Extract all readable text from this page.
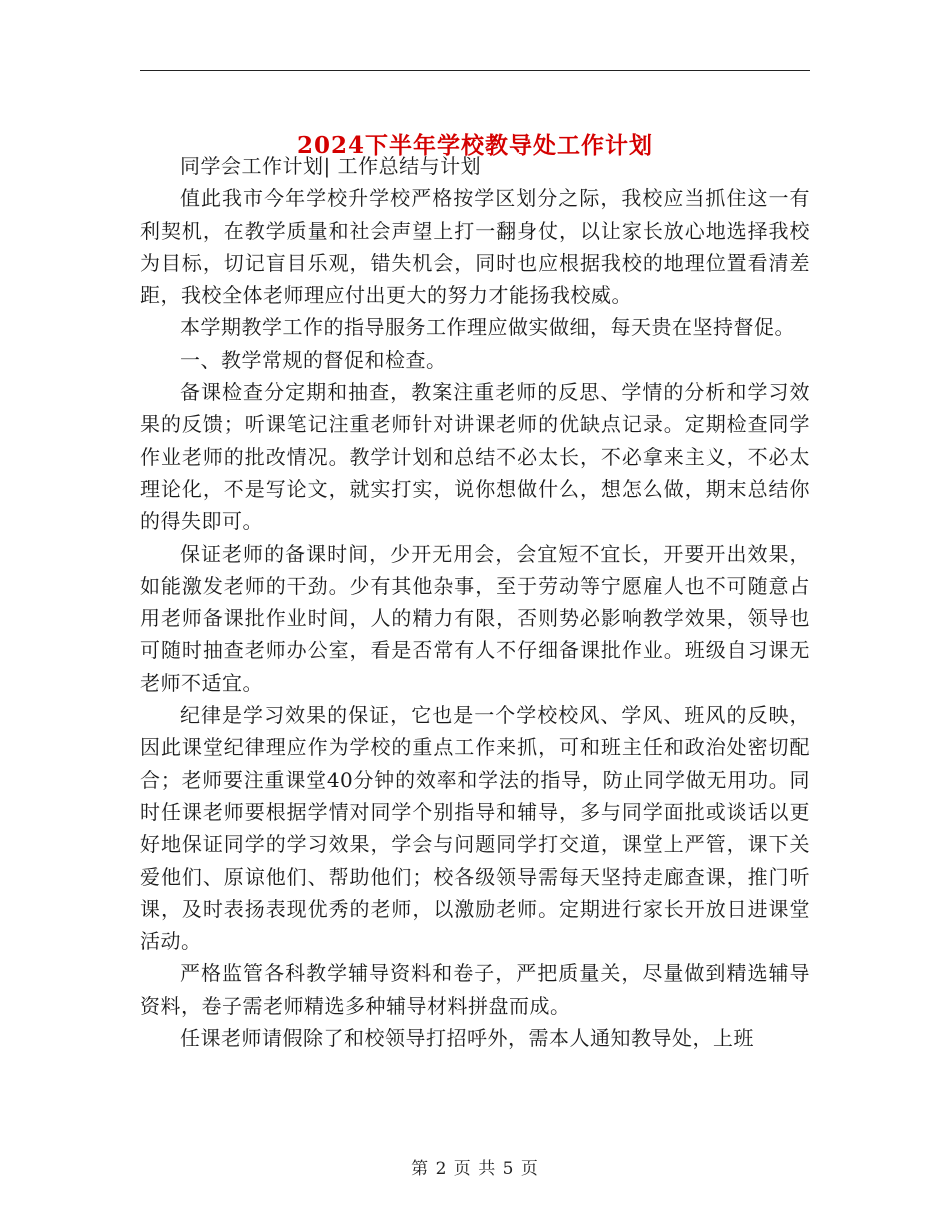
2024下半年学校教导处工作计划

同学会工作计划| 工作总结与计划

值此我市今年学校升学校严格按学区划分之际，我校应当抓住这一有利契机，在教学质量和社会声望上打一翻身仗，以让家长放心地选择我校为目标，切记盲目乐观，错失机会，同时也应根据我校的地理位置看清差距，我校全体老师理应付出更大的努力才能扬我校威。

本学期教学工作的指导服务工作理应做实做细，每天贵在坚持督促。

一、教学常规的督促和检查。

备课检查分定期和抽查，教案注重老师的反思、学情的分析和学习效果的反馈；听课笔记注重老师针对讲课老师的优缺点记录。定期检查同学作业老师的批改情况。教学计划和总结不必太长，不必拿来主义，不必太理论化，不是写论文，就实打实，说你想做什么，想怎么做，期末总结你的得失即可。

保证老师的备课时间，少开无用会，会宜短不宜长，开要开出效果，如能激发老师的干劲。少有其他杂事，至于劳动等宁愿雇人也不可随意占用老师备课批作业时间，人的精力有限，否则势必影响教学效果，领导也可随时抽查老师办公室，看是否常有人不仔细备课批作业。班级自习课无老师不适宜。

纪律是学习效果的保证，它也是一个学校校风、学风、班风的反映，因此课堂纪律理应作为学校的重点工作来抓，可和班主任和政治处密切配合；老师要注重课堂40分钟的效率和学法的指导，防止同学做无用功。同时任课老师要根据学情对同学个别指导和辅导，多与同学面批或谈话以更好地保证同学的学习效果，学会与问题同学打交道，课堂上严管，课下关爱他们、原谅他们、帮助他们；校各级领导需每天坚持走廊查课，推门听课，及时表扬表现优秀的老师，以激励老师。定期进行家长开放日进课堂活动。

严格监管各科教学辅导资料和卷子，严把质量关，尽量做到精选辅导资料，卷子需老师精选多种辅导材料拼盘而成。

任课老师请假除了和校领导打招呼外，需本人通知教导处，上班

第 2 页 共 5 页
